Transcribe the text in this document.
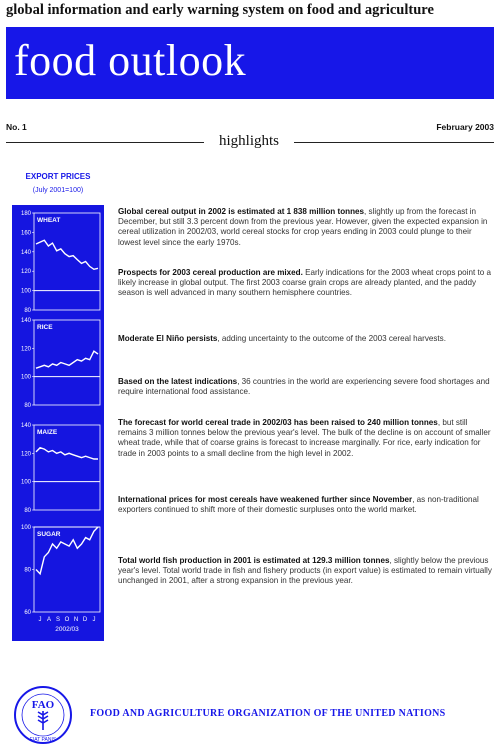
global information and early warning system on food and agriculture
food outlook
No. 1	February 2003
highlights
EXPORT PRICES
(July 2001=100)
80
100
120
140
160
180
WHEAT
80
100
120
140
RICE
80
100
120
140
MAIZE
60
80
100
SUGAR
J A S O N D J
2002/03
Global cereal output in 2002 is estimated at 1 838 million tonnes, slightly up from the forecast in December, but still 3.3 percent down from the previous year. However, given the expected expansion in cereal utilization in 2002/03, world cereal stocks for crop years ending in 2003 could plunge to their lowest level since the early 1970s.
Prospects for 2003 cereal production are mixed. Early indications for the 2003 wheat crops point to a likely increase in global output. The first 2003 coarse grain crops are already planted, and the paddy season is well advanced in many southern hemisphere countries.
Moderate El Niño persists, adding uncertainty to the outcome of the 2003 cereal harvests.
Based on the latest indications, 36 countries in the world are experiencing severe food shortages and require international food assistance.
The forecast for world cereal trade in 2002/03 has been raised to 240 million tonnes, but still remains 3 million tonnes below the previous year's level. The bulk of the decline is on account of smaller wheat trade, while that of coarse grains is forecast to increase marginally. For rice, early indication for trade in 2003 points to a small decline from the high level in 2002.
International prices for most cereals have weakened further since November, as non-traditional exporters continued to shift more of their domestic surpluses onto the world market.
Total world fish production in 2001 is estimated at 129.3 million tonnes, slightly below the previous year's level. Total world trade in fish and fishery products (in export value) is estimated to remain virtually unchanged in 2001, after a strong expansion in the previous year.
FAO
FIAT PANIS
FOOD AND AGRICULTURE ORGANIZATION OF THE UNITED NATIONS
